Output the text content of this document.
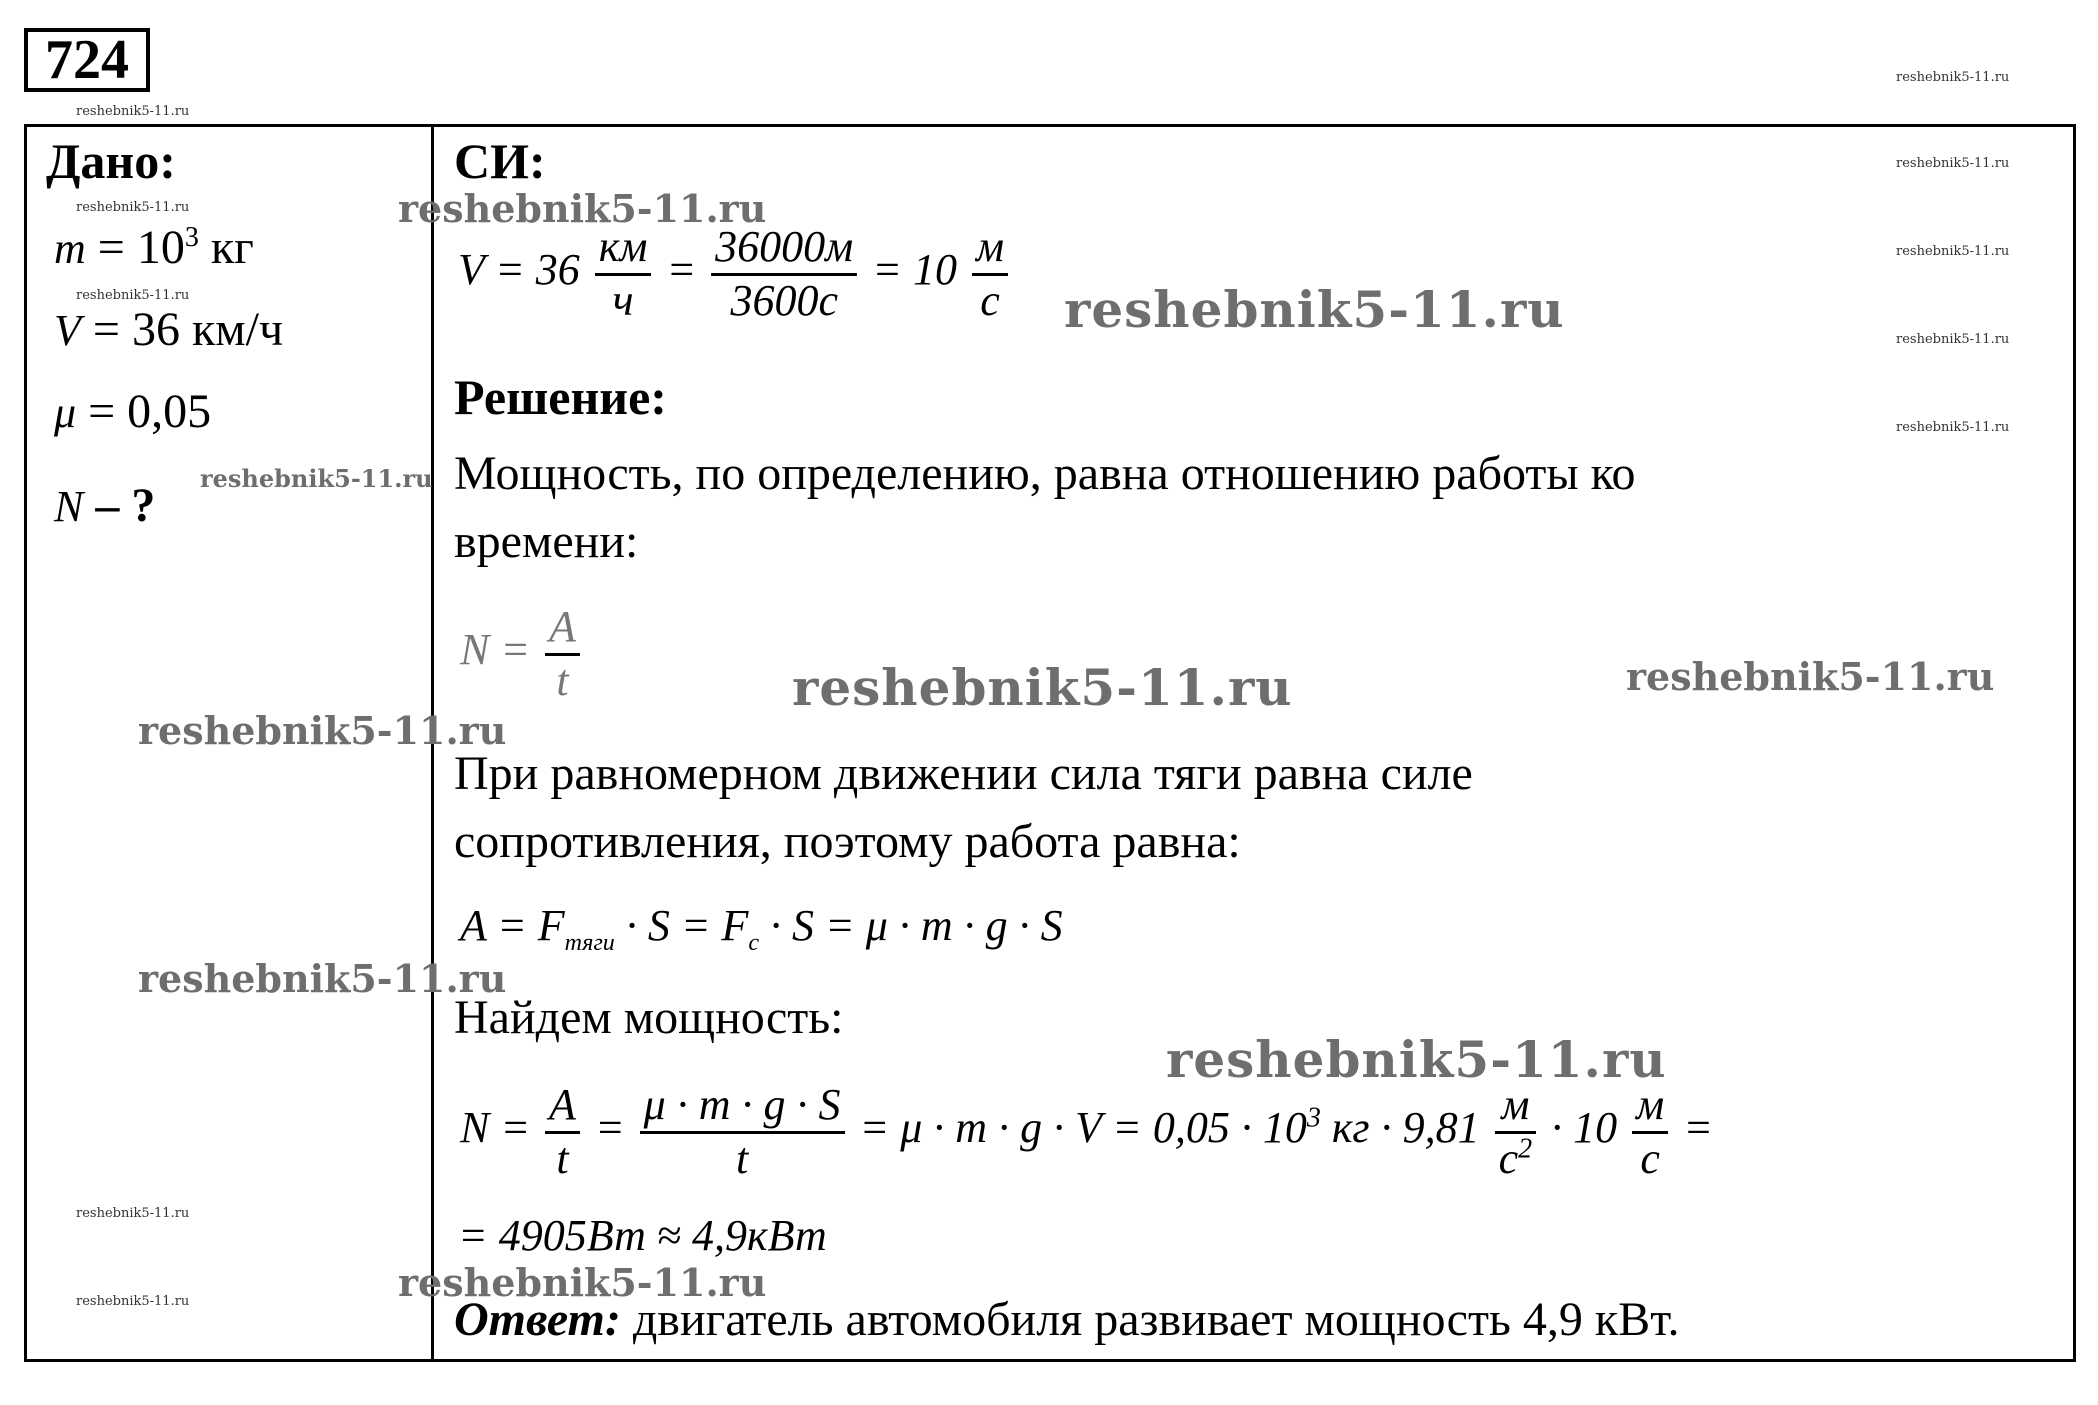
724
Дано:
$m = 10^3$ кг
V = 36 км/ч
μ = 0,05
N – ?
СИ:
$V = 36 \frac{км}{ч} = \frac{36000м}{3600с} = 10 \frac{м}{с}$
Решение:
Мощность, по определению, равна отношению работы ко
времени:
$N = \frac{A}{t}$
При равномерном движении сила тяги равна силе
сопротивления, поэтому работа равна:
$A = F_{тяги} \cdot S = F_с \cdot S = \mu \cdot m \cdot g \cdot S$
Найдем мощность:
$N = \frac{A}{t} = \frac{\mu \cdot m \cdot g \cdot S}{t} = \mu \cdot m \cdot g \cdot V = 0,05 \cdot 10^3$ кг · $9,81 \frac{м}{с^2} \cdot 10 \frac{м}{с}$ =
= 4905Вт ≈ 4,9кВт
Ответ: двигатель автомобиля развивает мощность 4,9 кВт.
reshebnik5-11.ru
reshebnik5-11.ru
reshebnik5-11.ru
reshebnik5-11.ru
reshebnik5-11.ru
reshebnik5-11.ru
reshebnik5-11.ru
reshebnik5-11.ru
reshebnik5-11.ru
reshebnik5-11.ru
reshebnik5-11.ru
reshebnik5-11.ru
reshebnik5-11.ru
reshebnik5-11.ru
reshebnik5-11.ru
reshebnik5-11.ru
reshebnik5-11.ru
reshebnik5-11.ru
reshebnik5-11.ru
